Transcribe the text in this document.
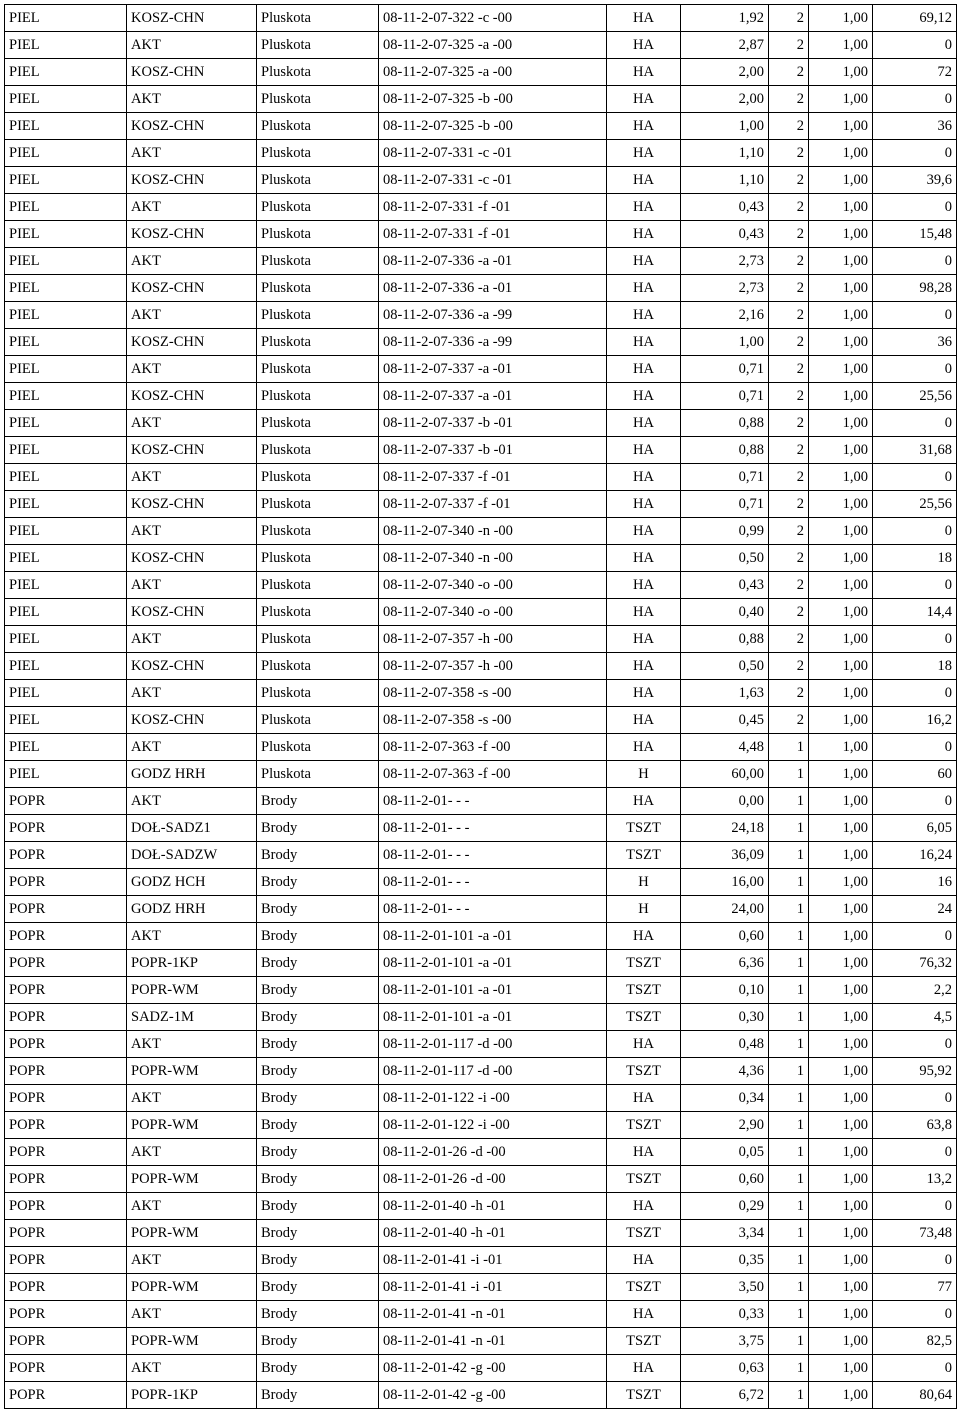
PIEL	KOSZ-CHN	Pluskota	08-11-2-07-322 -c -00	HA	1,92	2	1,00	69,12
PIEL	AKT	Pluskota	08-11-2-07-325 -a -00	HA	2,87	2	1,00	0
PIEL	KOSZ-CHN	Pluskota	08-11-2-07-325 -a -00	HA	2,00	2	1,00	72
PIEL	AKT	Pluskota	08-11-2-07-325 -b -00	HA	2,00	2	1,00	0
PIEL	KOSZ-CHN	Pluskota	08-11-2-07-325 -b -00	HA	1,00	2	1,00	36
PIEL	AKT	Pluskota	08-11-2-07-331 -c -01	HA	1,10	2	1,00	0
PIEL	KOSZ-CHN	Pluskota	08-11-2-07-331 -c -01	HA	1,10	2	1,00	39,6
PIEL	AKT	Pluskota	08-11-2-07-331 -f -01	HA	0,43	2	1,00	0
PIEL	KOSZ-CHN	Pluskota	08-11-2-07-331 -f -01	HA	0,43	2	1,00	15,48
PIEL	AKT	Pluskota	08-11-2-07-336 -a -01	HA	2,73	2	1,00	0
PIEL	KOSZ-CHN	Pluskota	08-11-2-07-336 -a -01	HA	2,73	2	1,00	98,28
PIEL	AKT	Pluskota	08-11-2-07-336 -a -99	HA	2,16	2	1,00	0
PIEL	KOSZ-CHN	Pluskota	08-11-2-07-336 -a -99	HA	1,00	2	1,00	36
PIEL	AKT	Pluskota	08-11-2-07-337 -a -01	HA	0,71	2	1,00	0
PIEL	KOSZ-CHN	Pluskota	08-11-2-07-337 -a -01	HA	0,71	2	1,00	25,56
PIEL	AKT	Pluskota	08-11-2-07-337 -b -01	HA	0,88	2	1,00	0
PIEL	KOSZ-CHN	Pluskota	08-11-2-07-337 -b -01	HA	0,88	2	1,00	31,68
PIEL	AKT	Pluskota	08-11-2-07-337 -f -01	HA	0,71	2	1,00	0
PIEL	KOSZ-CHN	Pluskota	08-11-2-07-337 -f -01	HA	0,71	2	1,00	25,56
PIEL	AKT	Pluskota	08-11-2-07-340 -n -00	HA	0,99	2	1,00	0
PIEL	KOSZ-CHN	Pluskota	08-11-2-07-340 -n -00	HA	0,50	2	1,00	18
PIEL	AKT	Pluskota	08-11-2-07-340 -o -00	HA	0,43	2	1,00	0
PIEL	KOSZ-CHN	Pluskota	08-11-2-07-340 -o -00	HA	0,40	2	1,00	14,4
PIEL	AKT	Pluskota	08-11-2-07-357 -h -00	HA	0,88	2	1,00	0
PIEL	KOSZ-CHN	Pluskota	08-11-2-07-357 -h -00	HA	0,50	2	1,00	18
PIEL	AKT	Pluskota	08-11-2-07-358 -s -00	HA	1,63	2	1,00	0
PIEL	KOSZ-CHN	Pluskota	08-11-2-07-358 -s -00	HA	0,45	2	1,00	16,2
PIEL	AKT	Pluskota	08-11-2-07-363 -f -00	HA	4,48	1	1,00	0
PIEL	GODZ HRH	Pluskota	08-11-2-07-363 -f -00	H	60,00	1	1,00	60
POPR	AKT	Brody	08-11-2-01- - -	HA	0,00	1	1,00	0
POPR	DOŁ-SADZ1	Brody	08-11-2-01- - -	TSZT	24,18	1	1,00	6,05
POPR	DOŁ-SADZW	Brody	08-11-2-01- - -	TSZT	36,09	1	1,00	16,24
POPR	GODZ HCH	Brody	08-11-2-01- - -	H	16,00	1	1,00	16
POPR	GODZ HRH	Brody	08-11-2-01- - -	H	24,00	1	1,00	24
POPR	AKT	Brody	08-11-2-01-101 -a -01	HA	0,60	1	1,00	0
POPR	POPR-1KP	Brody	08-11-2-01-101 -a -01	TSZT	6,36	1	1,00	76,32
POPR	POPR-WM	Brody	08-11-2-01-101 -a -01	TSZT	0,10	1	1,00	2,2
POPR	SADZ-1M	Brody	08-11-2-01-101 -a -01	TSZT	0,30	1	1,00	4,5
POPR	AKT	Brody	08-11-2-01-117 -d -00	HA	0,48	1	1,00	0
POPR	POPR-WM	Brody	08-11-2-01-117 -d -00	TSZT	4,36	1	1,00	95,92
POPR	AKT	Brody	08-11-2-01-122 -i -00	HA	0,34	1	1,00	0
POPR	POPR-WM	Brody	08-11-2-01-122 -i -00	TSZT	2,90	1	1,00	63,8
POPR	AKT	Brody	08-11-2-01-26 -d -00	HA	0,05	1	1,00	0
POPR	POPR-WM	Brody	08-11-2-01-26 -d -00	TSZT	0,60	1	1,00	13,2
POPR	AKT	Brody	08-11-2-01-40 -h -01	HA	0,29	1	1,00	0
POPR	POPR-WM	Brody	08-11-2-01-40 -h -01	TSZT	3,34	1	1,00	73,48
POPR	AKT	Brody	08-11-2-01-41 -i -01	HA	0,35	1	1,00	0
POPR	POPR-WM	Brody	08-11-2-01-41 -i -01	TSZT	3,50	1	1,00	77
POPR	AKT	Brody	08-11-2-01-41 -n -01	HA	0,33	1	1,00	0
POPR	POPR-WM	Brody	08-11-2-01-41 -n -01	TSZT	3,75	1	1,00	82,5
POPR	AKT	Brody	08-11-2-01-42 -g -00	HA	0,63	1	1,00	0
POPR	POPR-1KP	Brody	08-11-2-01-42 -g -00	TSZT	6,72	1	1,00	80,64
